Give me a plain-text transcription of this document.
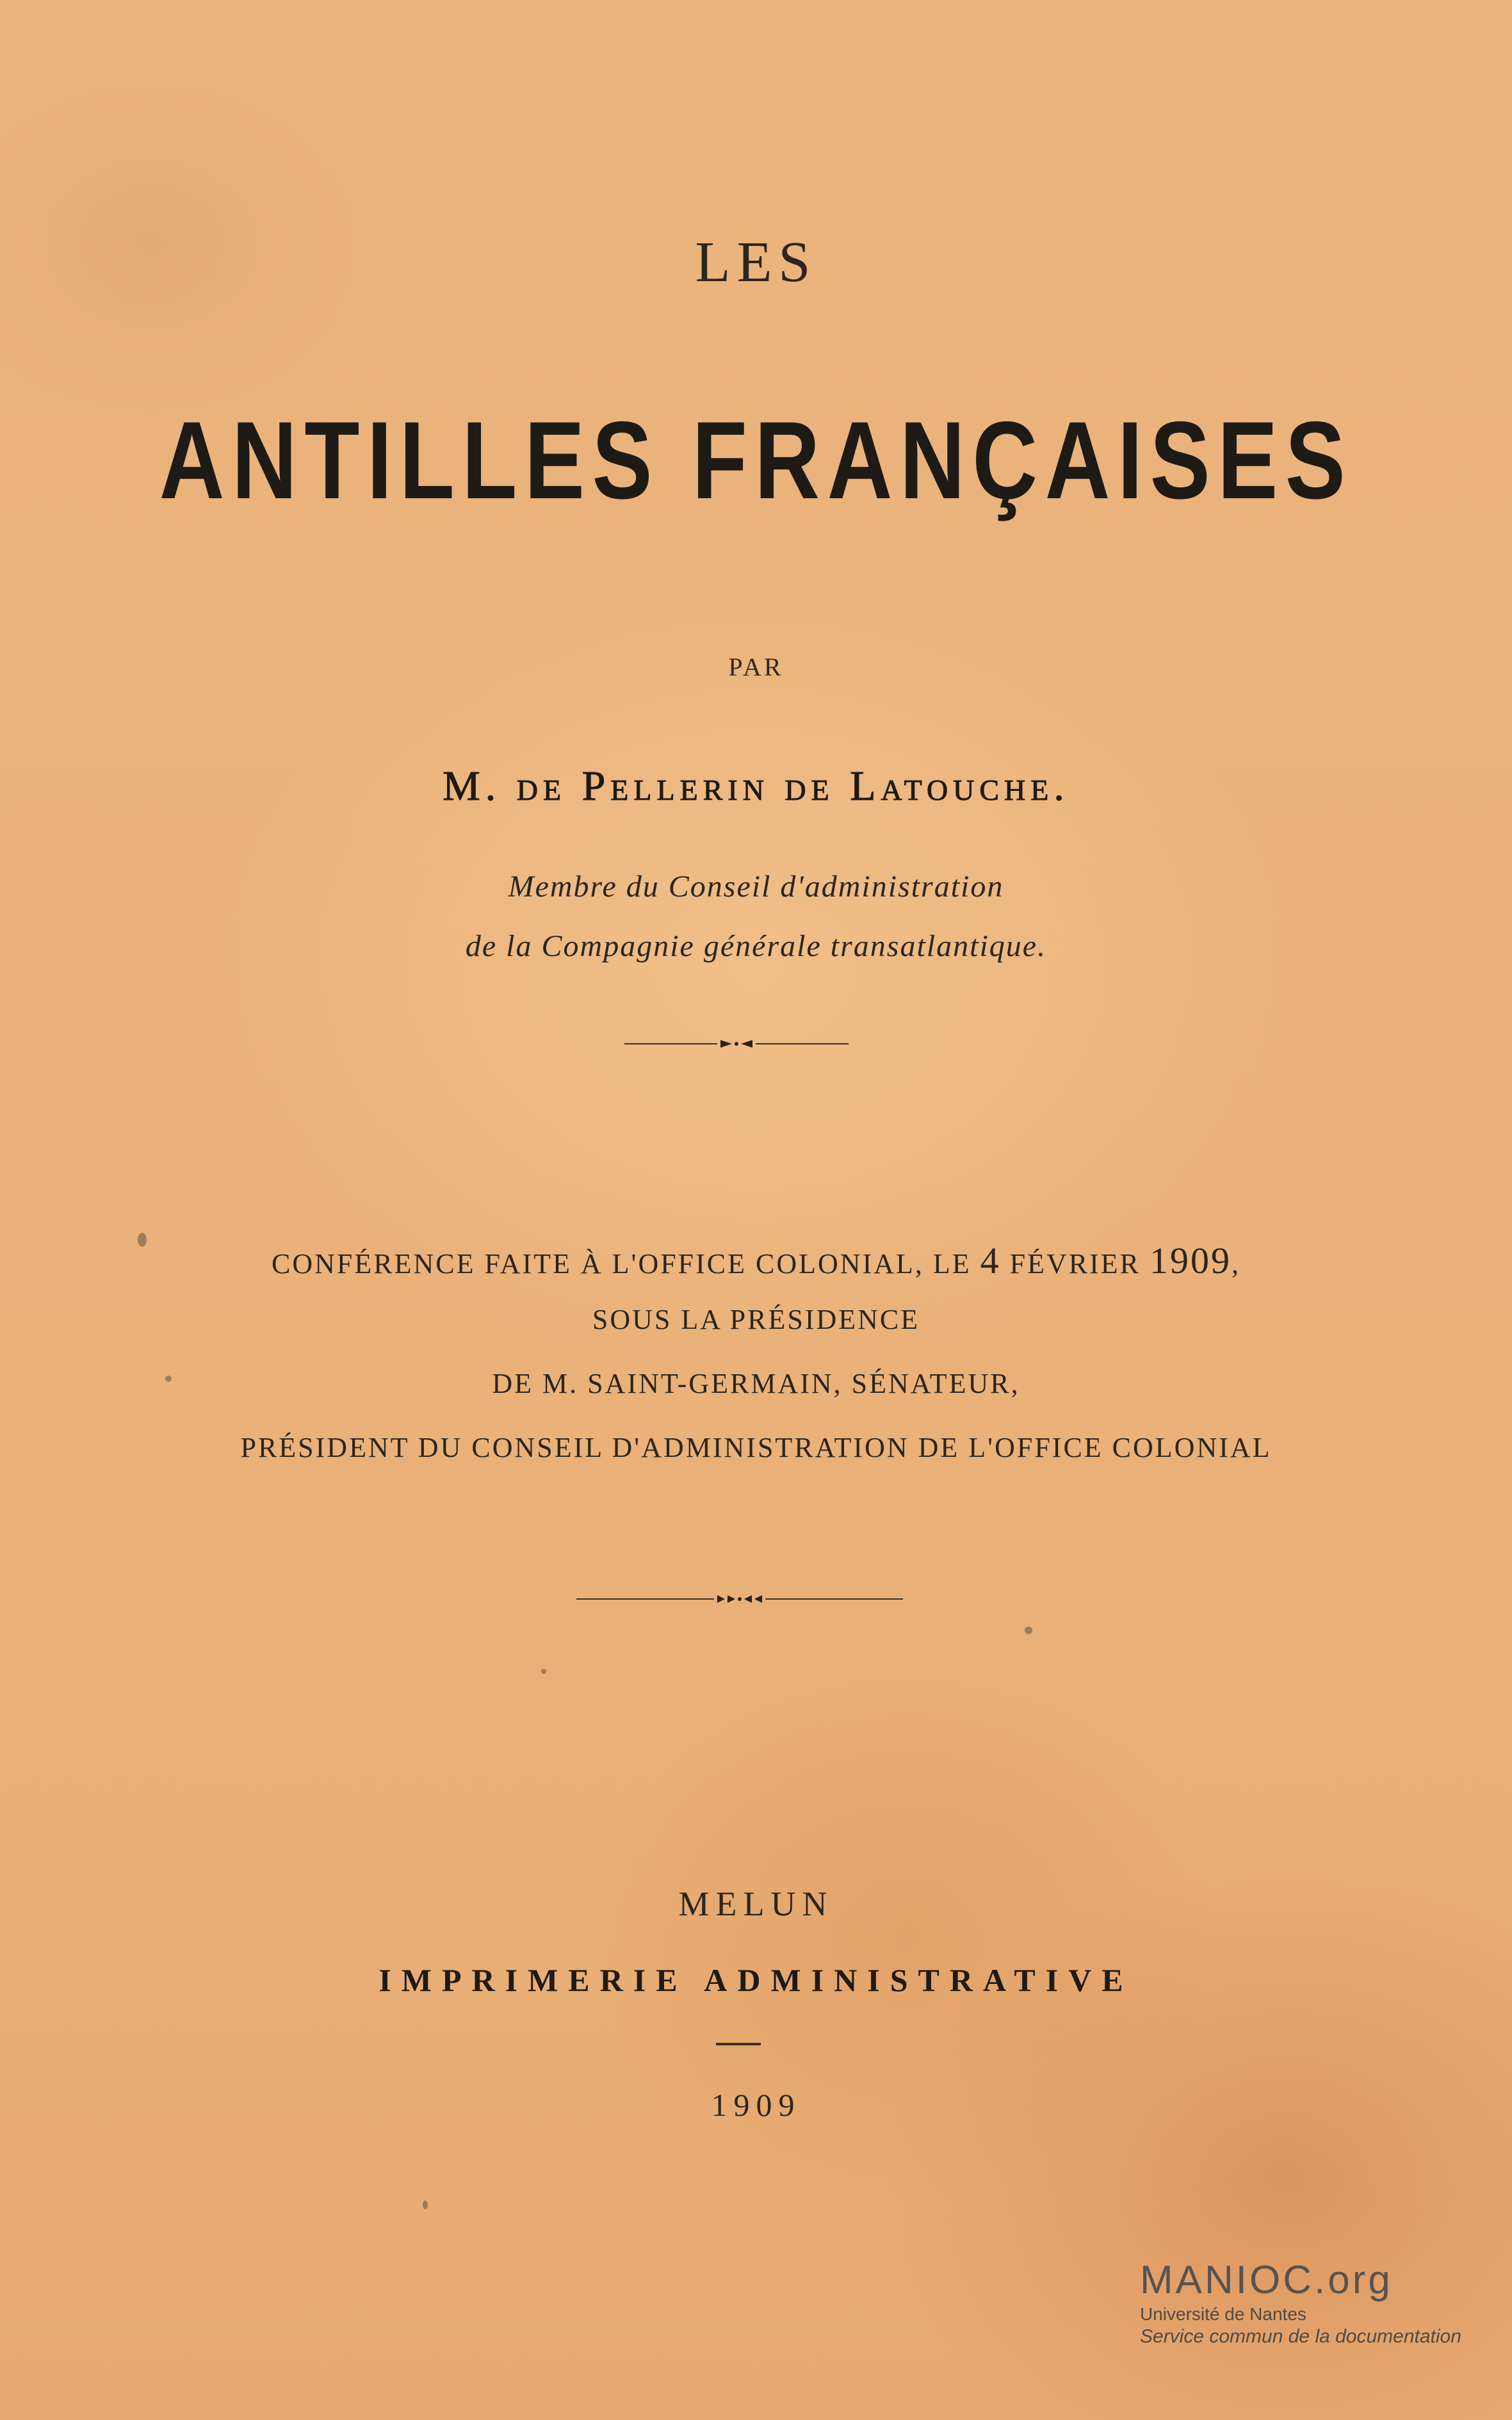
LES
ANTILLES FRANÇAISES
PAR
M. de Pellerin de Latouche.
Membre du Conseil d'administration
de la Compagnie générale transatlantique.
CONFÉRENCE FAITE À L'OFFICE COLONIAL, LE 4 FÉVRIER 1909,
SOUS LA PRÉSIDENCE
DE M. SAINT-GERMAIN, SÉNATEUR,
PRÉSIDENT DU CONSEIL D'ADMINISTRATION DE L'OFFICE COLONIAL
MELUN
IMPRIMERIE ADMINISTRATIVE
1909
MANIOC.org
Université de Nantes
Service commun de la documentation
